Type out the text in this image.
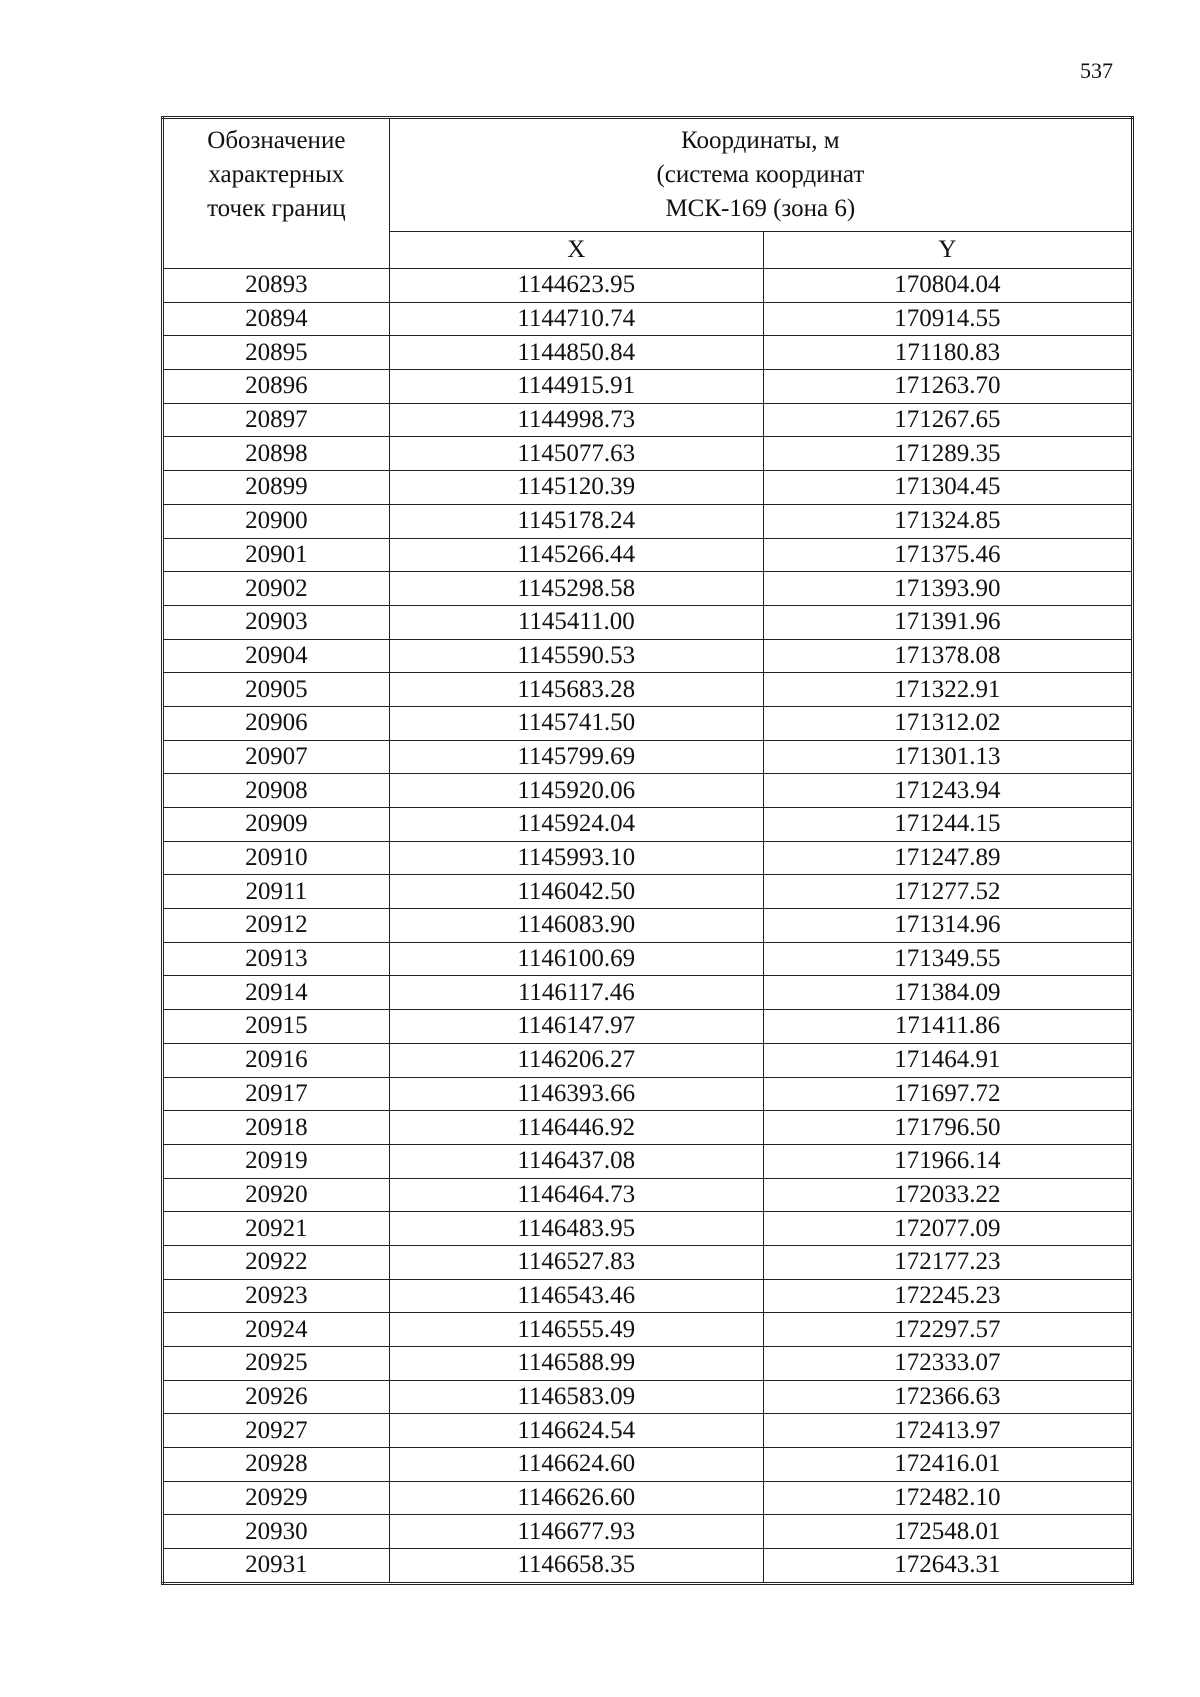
537
Обозначение
характерных
точек границ	Координаты, м
(система координат
МСК-169 (зона 6)	

	X	Y
20893	1144623.95	170804.04
20894	1144710.74	170914.55
20895	1144850.84	171180.83
20896	1144915.91	171263.70
20897	1144998.73	171267.65
20898	1145077.63	171289.35
20899	1145120.39	171304.45
20900	1145178.24	171324.85
20901	1145266.44	171375.46
20902	1145298.58	171393.90
20903	1145411.00	171391.96
20904	1145590.53	171378.08
20905	1145683.28	171322.91
20906	1145741.50	171312.02
20907	1145799.69	171301.13
20908	1145920.06	171243.94
20909	1145924.04	171244.15
20910	1145993.10	171247.89
20911	1146042.50	171277.52
20912	1146083.90	171314.96
20913	1146100.69	171349.55
20914	1146117.46	171384.09
20915	1146147.97	171411.86
20916	1146206.27	171464.91
20917	1146393.66	171697.72
20918	1146446.92	171796.50
20919	1146437.08	171966.14
20920	1146464.73	172033.22
20921	1146483.95	172077.09
20922	1146527.83	172177.23
20923	1146543.46	172245.23
20924	1146555.49	172297.57
20925	1146588.99	172333.07
20926	1146583.09	172366.63
20927	1146624.54	172413.97
20928	1146624.60	172416.01
20929	1146626.60	172482.10
20930	1146677.93	172548.01
20931	1146658.35	172643.31
